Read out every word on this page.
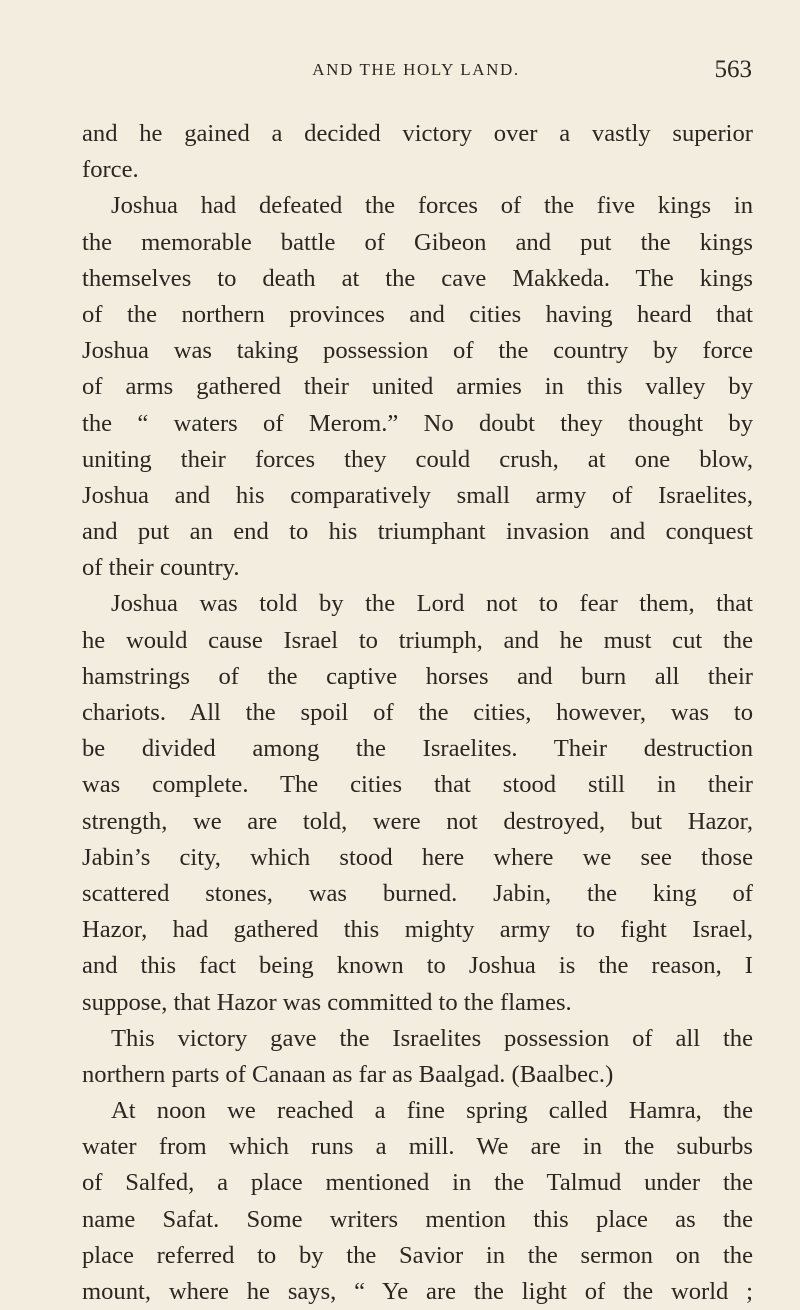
AND THE HOLY LAND.	563
and he gained a decided victory over a vastly superior
force.
Joshua had defeated the forces of the five kings in
the memorable battle of Gibeon and put the kings
themselves to death at the cave Makkeda. The kings
of the northern provinces and cities having heard that
Joshua was taking possession of the country by force
of arms gathered their united armies in this valley by
the “ waters of Merom.” No doubt they thought by
uniting their forces they could crush, at one blow,
Joshua and his comparatively small army of Israelites,
and put an end to his triumphant invasion and conquest
of their country.
Joshua was told by the Lord not to fear them, that
he would cause Israel to triumph, and he must cut the
hamstrings of the captive horses and burn all their
chariots. All the spoil of the cities, however, was to
be divided among the Israelites. Their destruction
was complete. The cities that stood still in their
strength, we are told, were not destroyed, but Hazor,
Jabin’s city, which stood here where we see those
scattered stones, was burned. Jabin, the king of
Hazor, had gathered this mighty army to fight Israel,
and this fact being known to Joshua is the reason, I
suppose, that Hazor was committed to the flames.
This victory gave the Israelites possession of all the
northern parts of Canaan as far as Baalgad. (Baalbec.)
At noon we reached a fine spring called Hamra, the
water from which runs a mill. We are in the suburbs
of Salfed, a place mentioned in the Talmud under the
name Safat. Some writers mention this place as the
place referred to by the Savior in the sermon on the
mount, where he says, “ Ye are the light of the world ;
